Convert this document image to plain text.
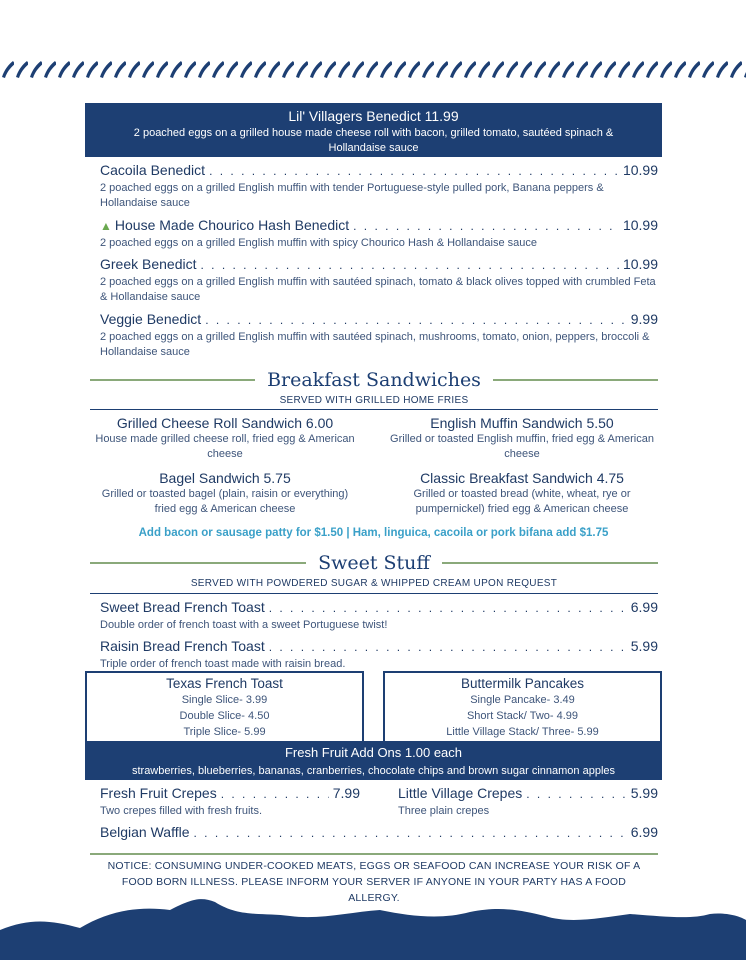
Lil' Villagers Benedict 11.99
2 poached eggs on a grilled house made cheese roll with bacon, grilled tomato, sautéed spinach & Hollandaise sauce
Cacoila Benedict . . .	10.99
2 poached eggs on a grilled English muffin with tender Portuguese-style pulled pork, Banana peppers & Hollandaise sauce
▲ House Made Chourico Hash Benedict . . .	10.99
2 poached eggs on a grilled English muffin with spicy Chourico Hash & Hollandaise sauce
Greek Benedict . . .	10.99
2 poached eggs on a grilled English muffin with sautéed spinach, tomato & black olives topped with crumbled Feta & Hollandaise sauce
Veggie Benedict . . .	9.99
2 poached eggs on a grilled English muffin with sautéed spinach, mushrooms, tomato, onion, peppers, broccoli & Hollandaise sauce
Breakfast Sandwiches
SERVED WITH GRILLED HOME FRIES
Grilled Cheese Roll Sandwich 6.00
House made grilled cheese roll, fried egg & American cheese
English Muffin Sandwich 5.50
Grilled or toasted English muffin, fried egg & American cheese
Bagel Sandwich 5.75
Grilled or toasted bagel (plain, raisin or everything) fried egg & American cheese
Classic Breakfast Sandwich 4.75
Grilled or toasted bread (white, wheat, rye or pumpernickel) fried egg & American cheese
Add bacon or sausage patty for $1.50 | Ham, linguica, cacoila or pork bifana add $1.75
Sweet Stuff
SERVED WITH POWDERED SUGAR & WHIPPED CREAM UPON REQUEST
Sweet Bread French Toast . . .	6.99
Double order of french toast with a sweet Portuguese twist!
Raisin Bread French Toast . . .	5.99
Triple order of french toast made with raisin bread.
Texas French Toast
Single Slice- 3.99
Double Slice- 4.50
Triple Slice- 5.99
Buttermilk Pancakes
Single Pancake- 3.49
Short Stack/ Two- 4.99
Little Village Stack/ Three- 5.99
Fresh Fruit Add Ons 1.00 each
strawberries, blueberries, bananas, cranberries, chocolate chips and brown sugar cinnamon apples
Fresh Fruit Crepes . . .	7.99
Two crepes filled with fresh fruits.
Little Village Crepes . . .	5.99
Three plain crepes
Belgian Waffle . . .	6.99
NOTICE: CONSUMING UNDER-COOKED MEATS, EGGS OR SEAFOOD CAN INCREASE YOUR RISK OF A FOOD BORN ILLNESS. PLEASE INFORM YOUR SERVER IF ANYONE IN YOUR PARTY HAS A FOOD ALLERGY.
